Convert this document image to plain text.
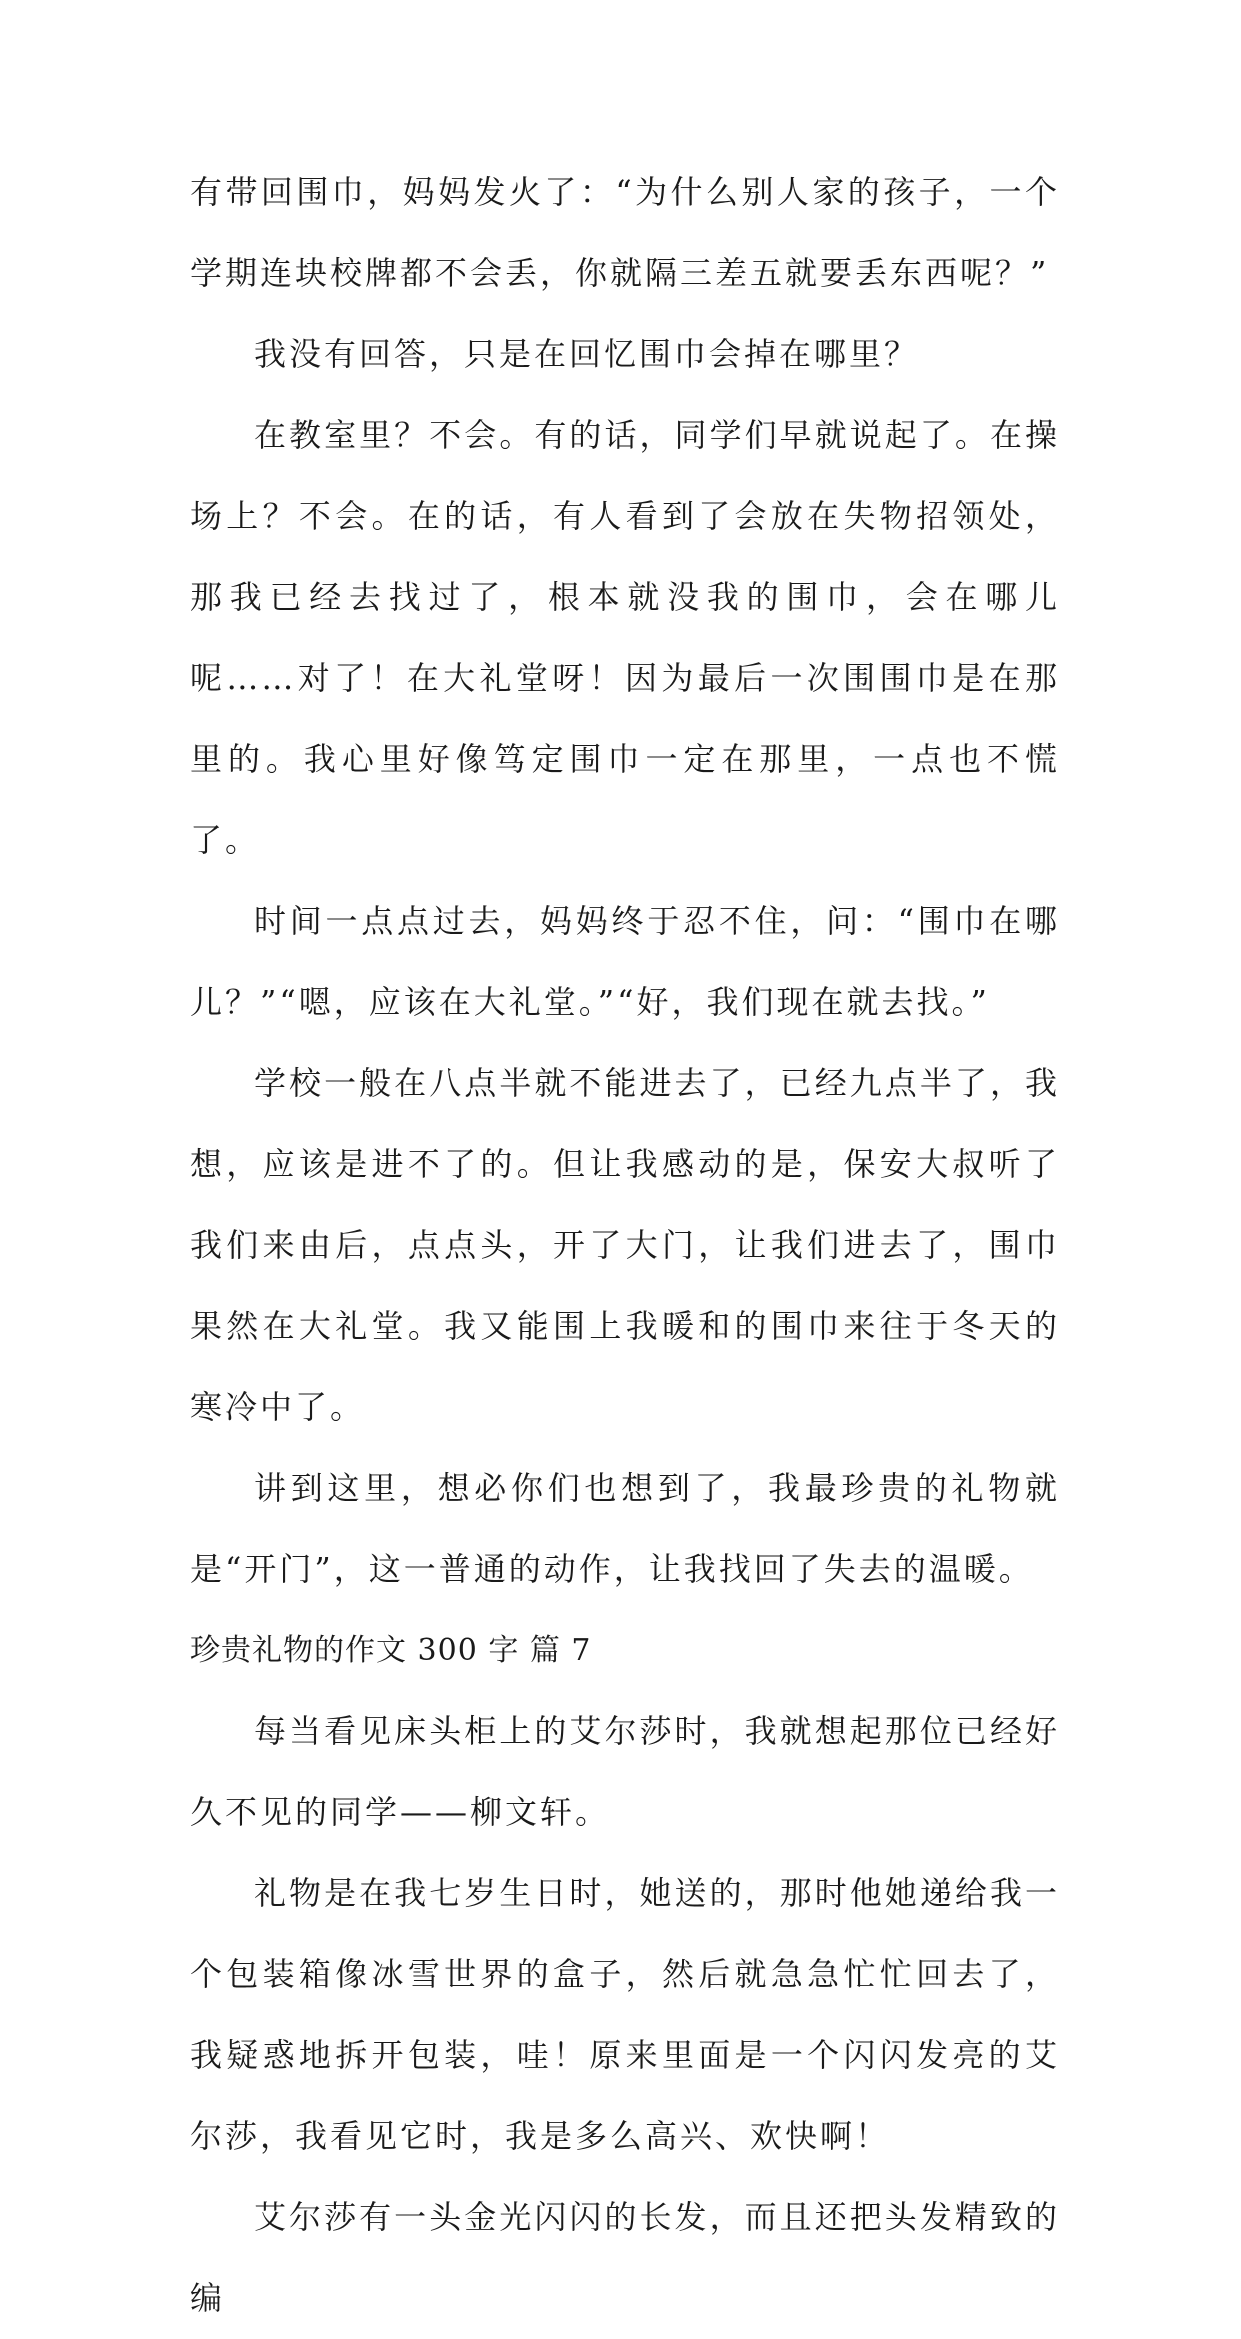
有带回围巾，妈妈发火了：“为什么别人家的孩子，一个学期连块校牌都不会丢，你就隔三差五就要丢东西呢？”

我没有回答，只是在回忆围巾会掉在哪里？

在教室里？不会。有的话，同学们早就说起了。在操场上？不会。在的话，有人看到了会放在失物招领处，那我已经去找过了，根本就没我的围巾，会在哪儿呢……对了！在大礼堂呀！因为最后一次围围巾是在那里的。我心里好像笃定围巾一定在那里，一点也不慌了。

时间一点点过去，妈妈终于忍不住，问：“围巾在哪儿？”“嗯，应该在大礼堂。”“好，我们现在就去找。”

学校一般在八点半就不能进去了，已经九点半了，我想，应该是进不了的。但让我感动的是，保安大叔听了我们来由后，点点头，开了大门，让我们进去了，围巾果然在大礼堂。我又能围上我暖和的围巾来往于冬天的寒冷中了。

讲到这里，想必你们也想到了，我最珍贵的礼物就是“开门”，这一普通的动作，让我找回了失去的温暖。

珍贵礼物的作文 300 字 篇 7

每当看见床头柜上的艾尔莎时，我就想起那位已经好久不见的同学——柳文轩。

礼物是在我七岁生日时，她送的，那时他她递给我一个包装箱像冰雪世界的盒子，然后就急急忙忙回去了，我疑惑地拆开包装，哇！原来里面是一个闪闪发亮的艾尔莎，我看见它时，我是多么高兴、欢快啊！

艾尔莎有一头金光闪闪的长发，而且还把头发精致的编
